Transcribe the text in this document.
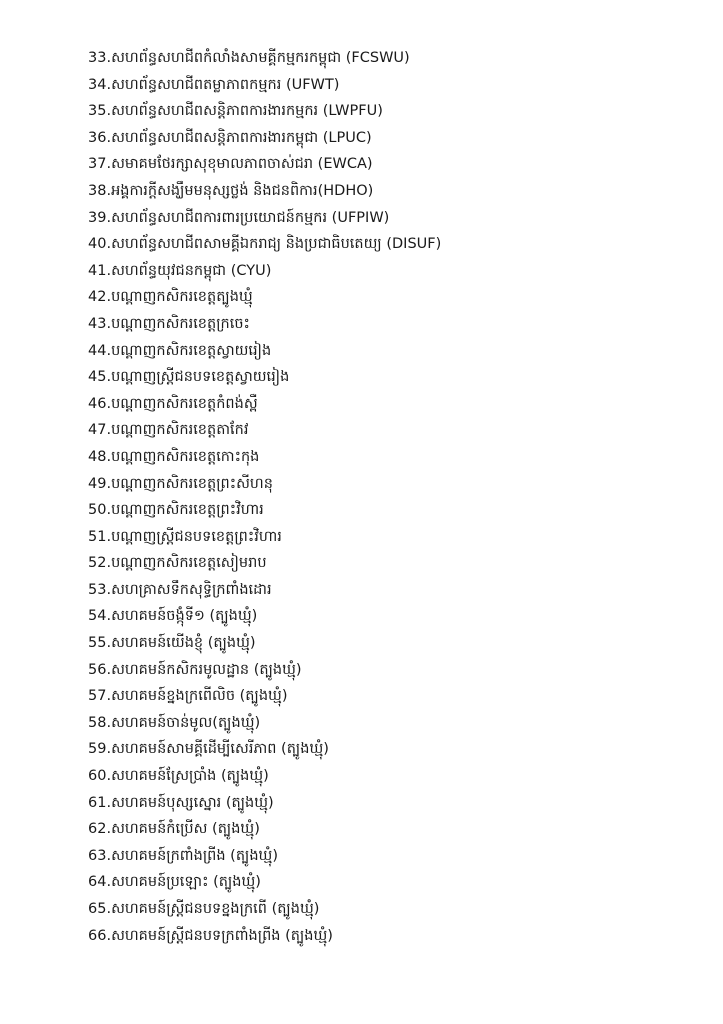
33.សហព័ន្ធសហជីពកំលាំងសាមគ្គីកម្មករកម្ពុជា (FCSWU)
34.សហព័ន្ធសហជីពតម្លាភាពកម្មករ (UFWT)
35.សហព័ន្ធសហជីពសន្តិភាពការងារកម្មករ (LWPFU)
36.សហព័ន្ធសហជីពសន្តិភាពការងារកម្ពុជា (LPUC)
37.សមាគមថែរក្សាសុខុមាលភាពចាស់ជរា (EWCA)
38.អង្គការក្តីសង្ឃឹមមនុស្សថ្លង់ និងជនពិការ(HDHO)
39.សហព័ន្ធសហជីពការពារប្រយោជន៍កម្មករ (UFPIW)
40.សហព័ន្ធសហជីពសាមគ្គីឯករាជ្យ និងប្រជាធិបតេយ្យ (DISUF)
41.សហព័ន្ធយុវជនកម្ពុជា (CYU)
42.បណ្តាញកសិករខេត្តត្បូងឃ្មុំ
43.បណ្តាញកសិករខេត្តក្រចេះ
44.បណ្តាញកសិករខេត្តស្វាយរៀង
45.បណ្តាញស្ត្រីជនបទខេត្តស្វាយរៀង
46.បណ្តាញកសិករខេត្តកំពង់ស្ពឺ
47.បណ្តាញកសិករខេត្តតាកែវ
48.បណ្តាញកសិករខេត្តកោះកុង
49.បណ្តាញកសិករខេត្តព្រះសីហនុ
50.បណ្តាញកសិករខេត្តព្រះវិហារ
51.បណ្តាញស្ត្រីជនបទខេត្តព្រះវិហារ
52.បណ្តាញកសិករខេត្តសៀមរាប
53.សហគ្រាសទឹកសុទ្ធិក្រពាំងដោរ
54.សហគមន៍ចង្កុំទី១ (ត្បូងឃ្មុំ)
55.សហគមន៍យើងខ្ញុំ (ត្បូងឃ្មុំ)
56.សហគមន៍កសិករមូលដ្ឋាន (ត្បូងឃ្មុំ)
57.សហគមន៍ខ្នងក្រពើលិច (ត្បូងឃ្មុំ)
58.សហគមន៍ចាន់មូល(ត្បូងឃ្មុំ)
59.សហគមន៍សាមគ្គីដើម្បីសេរីភាព (ត្បូងឃ្មុំ)
60.សហគមន៍ស្រែប្រាំង (ត្បូងឃ្មុំ)
61.សហគមន៍បុស្សស្នោរ (ត្បូងឃ្មុំ)
62.សហគមន៍កំប្រើស (ត្បូងឃ្មុំ)
63.សហគមន៍ក្រពាំងព្រីង (ត្បូងឃ្មុំ)
64.សហគមន៍ប្រឡោះ (ត្បូងឃ្មុំ)
65.សហគមន៍ស្ត្រីជនបទខ្នងក្រពើ (ត្បូងឃ្មុំ)
66.សហគមន៍ស្ត្រីជនបទក្រពាំងព្រីង (ត្បូងឃ្មុំ)
